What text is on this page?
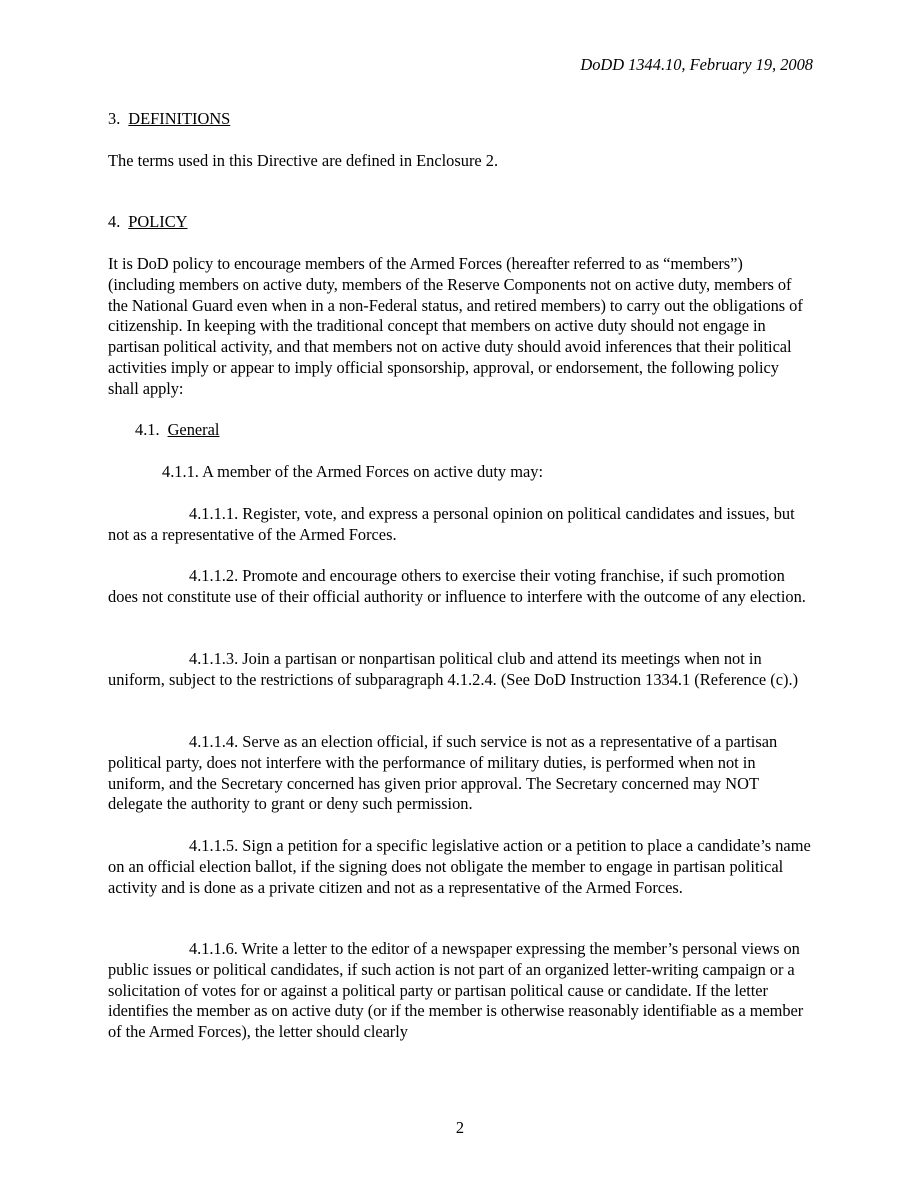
DoDD 1344.10, February 19, 2008

3. DEFINITIONS

The terms used in this Directive are defined in Enclosure 2.

4. POLICY

It is DoD policy to encourage members of the Armed Forces (hereafter referred to as “members”) (including members on active duty, members of the Reserve Components not on active duty, members of the National Guard even when in a non-Federal status, and retired members) to carry out the obligations of citizenship. In keeping with the traditional concept that members on active duty should not engage in partisan political activity, and that members not on active duty should avoid inferences that their political activities imply or appear to imply official sponsorship, approval, or endorsement, the following policy shall apply:

4.1. General

4.1.1. A member of the Armed Forces on active duty may:

4.1.1.1. Register, vote, and express a personal opinion on political candidates and issues, but not as a representative of the Armed Forces.

4.1.1.2. Promote and encourage others to exercise their voting franchise, if such promotion does not constitute use of their official authority or influence to interfere with the outcome of any election.

4.1.1.3. Join a partisan or nonpartisan political club and attend its meetings when not in uniform, subject to the restrictions of subparagraph 4.1.2.4. (See DoD Instruction 1334.1 (Reference (c).)

4.1.1.4. Serve as an election official, if such service is not as a representative of a partisan political party, does not interfere with the performance of military duties, is performed when not in uniform, and the Secretary concerned has given prior approval. The Secretary concerned may NOT delegate the authority to grant or deny such permission.

4.1.1.5. Sign a petition for a specific legislative action or a petition to place a candidate’s name on an official election ballot, if the signing does not obligate the member to engage in partisan political activity and is done as a private citizen and not as a representative of the Armed Forces.

4.1.1.6. Write a letter to the editor of a newspaper expressing the member’s personal views on public issues or political candidates, if such action is not part of an organized letter-writing campaign or a solicitation of votes for or against a political party or partisan political cause or candidate. If the letter identifies the member as on active duty (or if the member is otherwise reasonably identifiable as a member of the Armed Forces), the letter should clearly

2
